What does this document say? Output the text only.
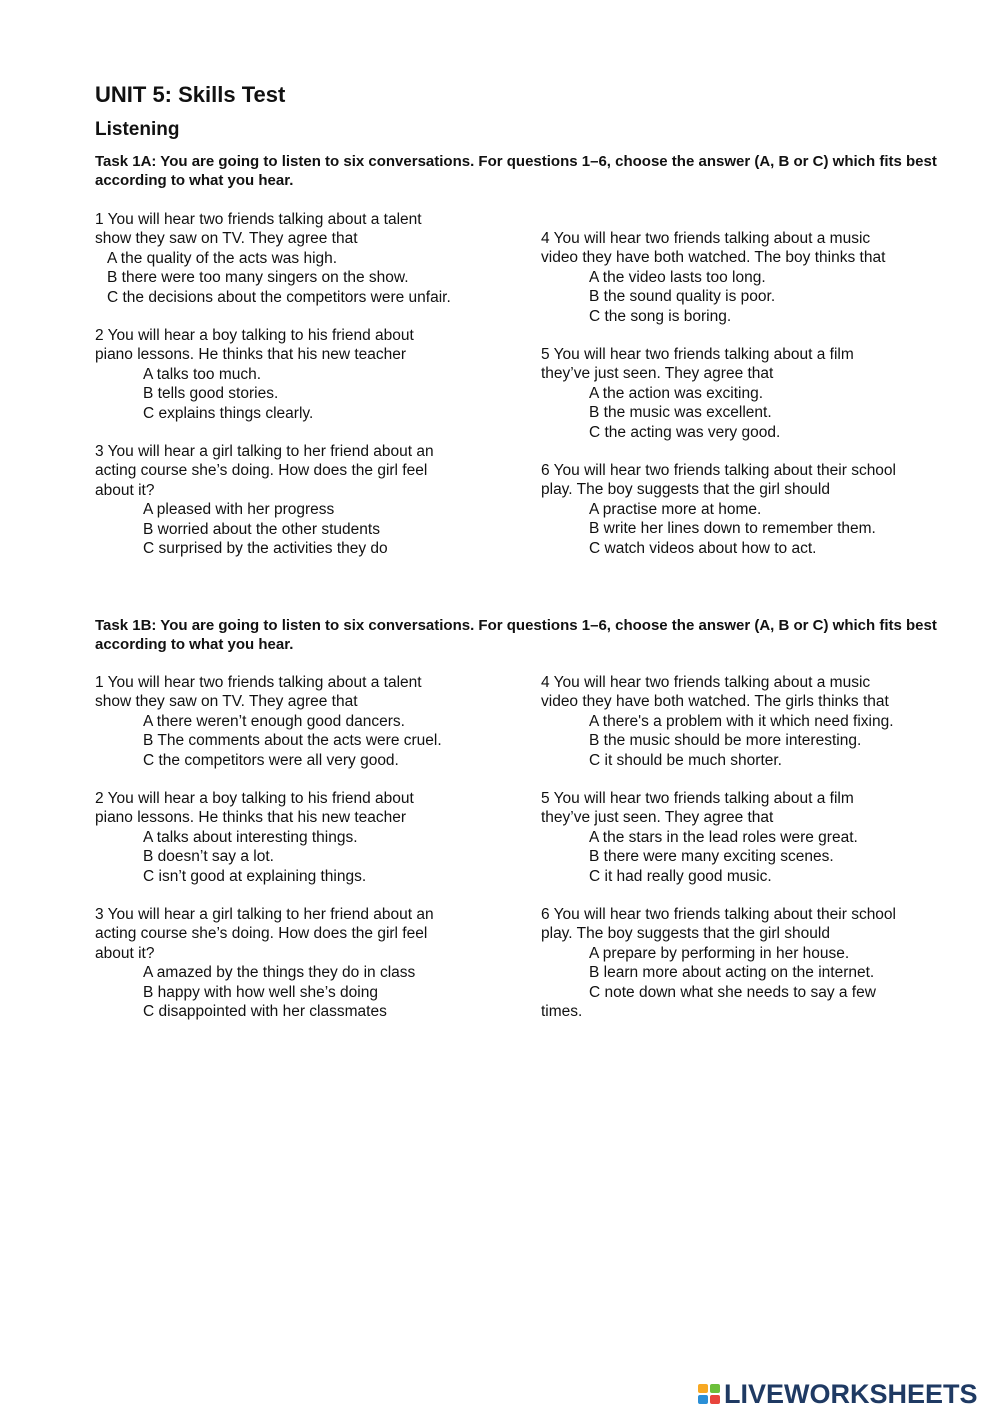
UNIT 5: Skills Test
Listening

Task 1A: You are going to listen to six conversations. For questions 1–6, choose the answer (A, B or C) which fits best according to what you hear.

1 You will hear two friends talking about a talent
show they saw on TV. They agree that
A the quality of the acts was high.
B there were too many singers on the show.
C the decisions about the competitors were unfair.
2 You will hear a boy talking to his friend about
piano lessons. He thinks that his new teacher
A talks too much.
B tells good stories.
C explains things clearly.
3 You will hear a girl talking to her friend about an
acting course she’s doing. How does the girl feel
about it?
A pleased with her progress
B worried about the other students
C surprised by the activities they do
4 You will hear two friends talking about a music
video they have both watched. The boy thinks that
A the video lasts too long.
B the sound quality is poor.
C the song is boring.
5 You will hear two friends talking about a film
they’ve just seen. They agree that
A the action was exciting.
B the music was excellent.
C the acting was very good.
6 You will hear two friends talking about their school
play. The boy suggests that the girl should
A practise more at home.
B write her lines down to remember them.
C watch videos about how to act.

Task 1B: You are going to listen to six conversations. For questions 1–6, choose the answer (A, B or C) which fits best according to what you hear.

1 You will hear two friends talking about a talent
show they saw on TV. They agree that
A there weren’t enough good dancers.
B The comments about the acts were cruel.
C the competitors were all very good.
2 You will hear a boy talking to his friend about
piano lessons. He thinks that his new teacher
A talks about interesting things.
B doesn’t say a lot.
C isn’t good at explaining things.
3 You will hear a girl talking to her friend about an
acting course she’s doing. How does the girl feel
about it?
A amazed by the things they do in class
B happy with how well she’s doing
C disappointed with her classmates
4 You will hear two friends talking about a music
video they have both watched. The girls thinks that
A there's a problem with it which need fixing.
B the music should be more interesting.
C it should be much shorter.
5 You will hear two friends talking about a film
they’ve just seen. They agree that
A the stars in the lead roles were great.
B there were many exciting scenes.
C it had really good music.
6 You will hear two friends talking about their school
play. The boy suggests that the girl should
A prepare by performing in her house.
B learn more about acting on the internet.
C note down what she needs to say a few
times.
LIVEWORKSHEETS
